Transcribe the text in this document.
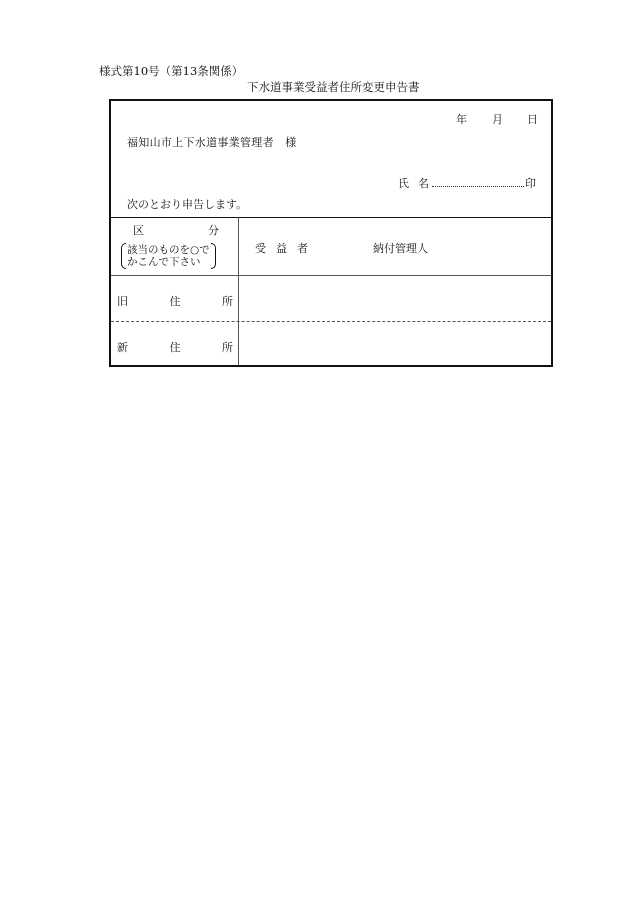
様式第10号（第13条関係）
下水道事業受益者住所変更申告書
年 月 日
福知山市上下水道事業管理者　様
氏名	印
次のとおり申告します。
区	分
該当のものを○で
かこんで下さい
受益者	納付管理人
旧	住	所
新	住	所
